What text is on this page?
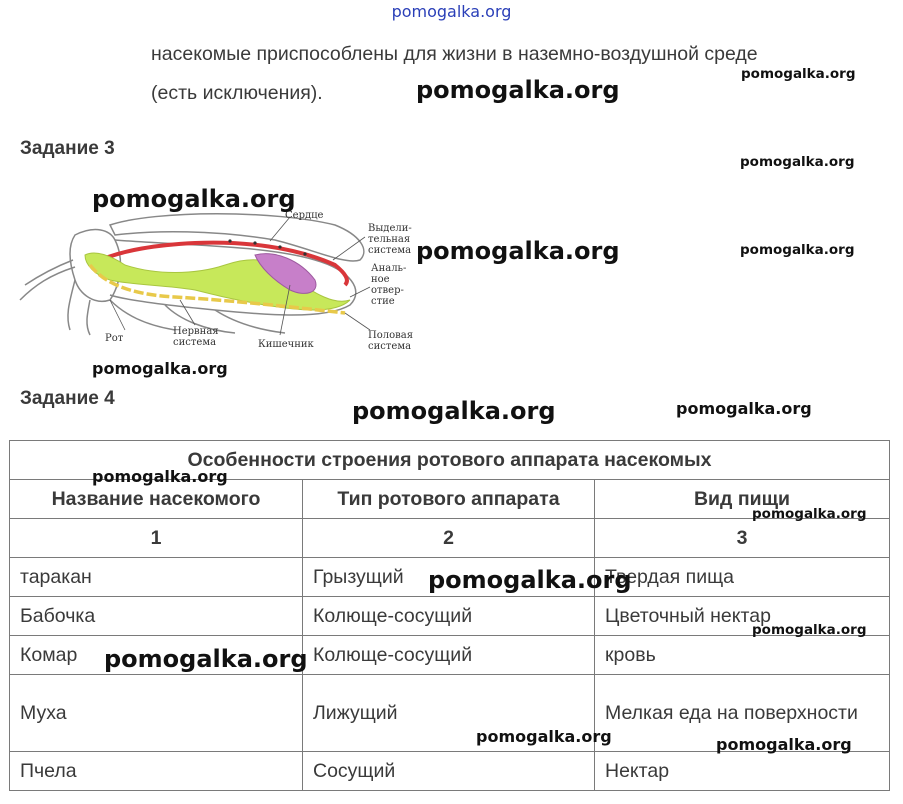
pomogalka.org
насекомые приспособлены для жизни в наземно-воздушной среде
(есть исключения).
Задание 3
Сердце
Выдели-
тельная
система
Аналь-
ное
отвер-
стие
Рот
Нервная
система	Кишечник
Половая
система
Задание 4
Особенности строения ротового аппарата насекомых		
Название насекомого	Тип ротового аппарата	Вид пищи
1	2	3
таракан	Грызущий	Твердая пища
Бабочка	Колюще-сосущий	Цветочный нектар
Комар	Колюще-сосущий	кровь
Муха	Лижущий	Мелкая еда на поверхности
Пчела	Сосущий	Нектар
pomogalka.org
pomogalka.org
pomogalka.org
pomogalka.org
pomogalka.org	pomogalka.org
pomogalka.org
pomogalka.org	pomogalka.org
pomogalka.org
pomogalka.org
pomogalka.org
pomogalka.org
pomogalka.org
pomogalka.org	pomogalka.org
